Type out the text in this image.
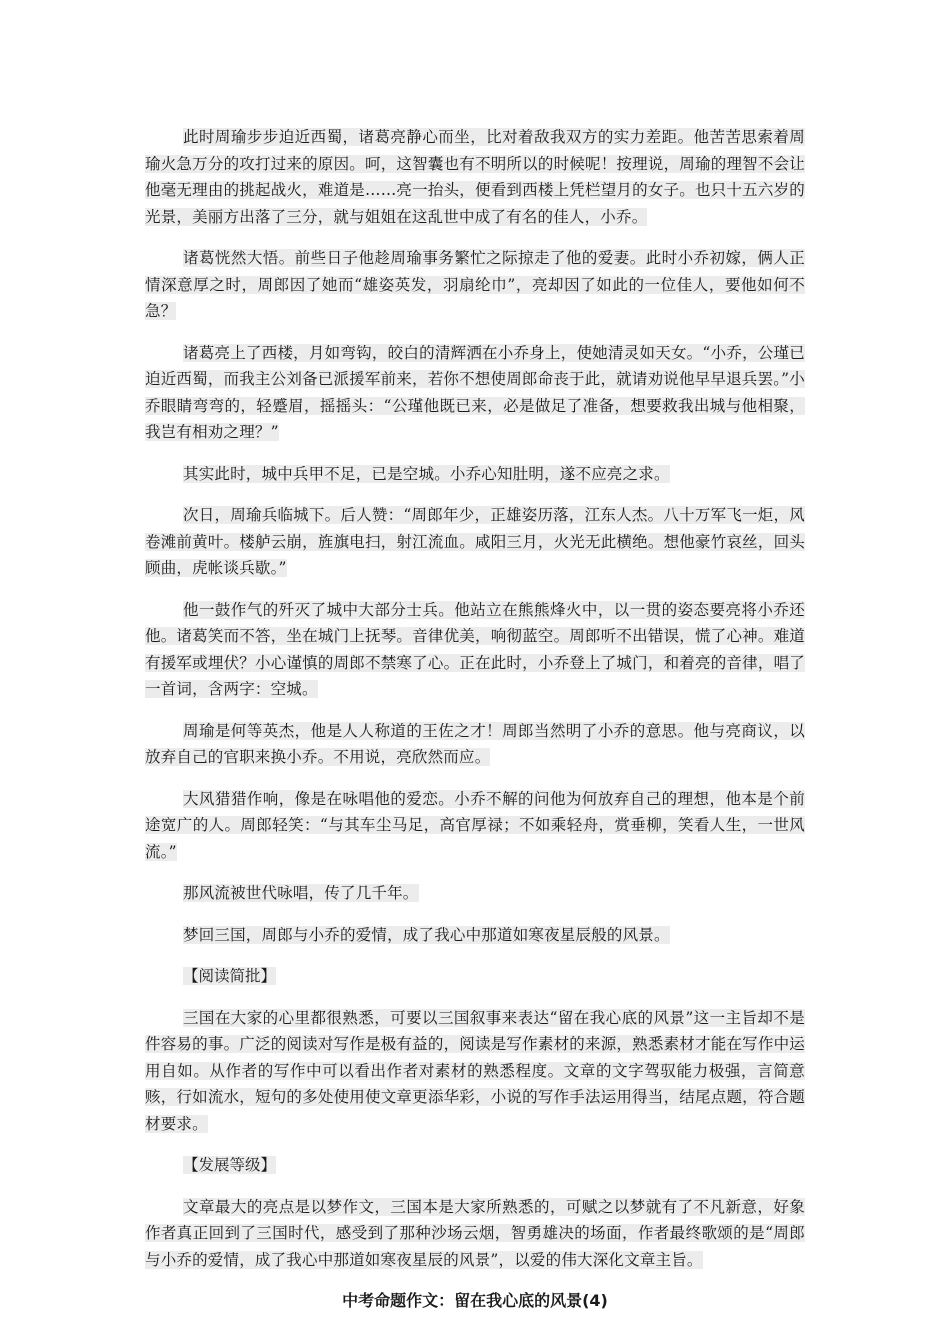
此时周瑜步步迫近西蜀，诸葛亮静心而坐，比对着敌我双方的实力差距。他苦苦思索着周瑜火急万分的攻打过来的原因。呵，这智囊也有不明所以的时候呢！按理说，周瑜的理智不会让他毫无理由的挑起战火，难道是……亮一抬头，便看到西楼上凭栏望月的女子。也只十五六岁的光景，美丽方出落了三分，就与姐姐在这乱世中成了有名的佳人，小乔。

诸葛恍然大悟。前些日子他趁周瑜事务繁忙之际掠走了他的爱妻。此时小乔初嫁，俩人正情深意厚之时，周郎因了她而“雄姿英发，羽扇纶巾”，亮却因了如此的一位佳人，要他如何不急？

诸葛亮上了西楼，月如弯钩，皎白的清辉洒在小乔身上，使她清灵如天女。“小乔，公瑾已迫近西蜀，而我主公刘备已派援军前来，若你不想使周郎命丧于此，就请劝说他早早退兵罢。”小乔眼睛弯弯的，轻蹙眉，摇摇头：“公瑾他既已来，必是做足了准备，想要救我出城与他相聚，我岂有相劝之理？”

其实此时，城中兵甲不足，已是空城。小乔心知肚明，遂不应亮之求。

次日，周瑜兵临城下。后人赞：“周郎年少，正雄姿历落，江东人杰。八十万军飞一炬，风卷滩前黄叶。楼舻云崩，旌旗电扫，射江流血。咸阳三月，火光无此横绝。想他豪竹哀丝，回头顾曲，虎帐谈兵歇。”

他一鼓作气的歼灭了城中大部分士兵。他站立在熊熊烽火中，以一贯的姿态要亮将小乔还他。诸葛笑而不答，坐在城门上抚琴。音律优美，响彻蓝空。周郎听不出错误，慌了心神。难道有援军或埋伏？小心谨慎的周郎不禁寒了心。正在此时，小乔登上了城门，和着亮的音律，唱了一首词，含两字：空城。

周瑜是何等英杰，他是人人称道的王佐之才！周郎当然明了小乔的意思。他与亮商议，以放弃自己的官职来换小乔。不用说，亮欣然而应。

大风猎猎作响，像是在咏唱他的爱恋。小乔不解的问他为何放弃自己的理想，他本是个前途宽广的人。周郎轻笑：“与其车尘马足，高官厚禄；不如乘轻舟，赏垂柳，笑看人生，一世风流。”

那风流被世代咏唱，传了几千年。

梦回三国，周郎与小乔的爱情，成了我心中那道如寒夜星辰般的风景。

【阅读简批】

三国在大家的心里都很熟悉，可要以三国叙事来表达“留在我心底的风景”这一主旨却不是件容易的事。广泛的阅读对写作是极有益的，阅读是写作素材的来源，熟悉素材才能在写作中运用自如。从作者的写作中可以看出作者对素材的熟悉程度。文章的文字驾驭能力极强，言简意赅，行如流水，短句的多处使用使文章更添华彩，小说的写作手法运用得当，结尾点题，符合题材要求。

【发展等级】

文章最大的亮点是以梦作文，三国本是大家所熟悉的，可赋之以梦就有了不凡新意，好象作者真正回到了三国时代，感受到了那种沙场云烟，智勇雄决的场面，作者最终歌颂的是“周郎与小乔的爱情，成了我心中那道如寒夜星辰的风景”，以爱的伟大深化文章主旨。

中考命题作文：留在我心底的风景(4)
